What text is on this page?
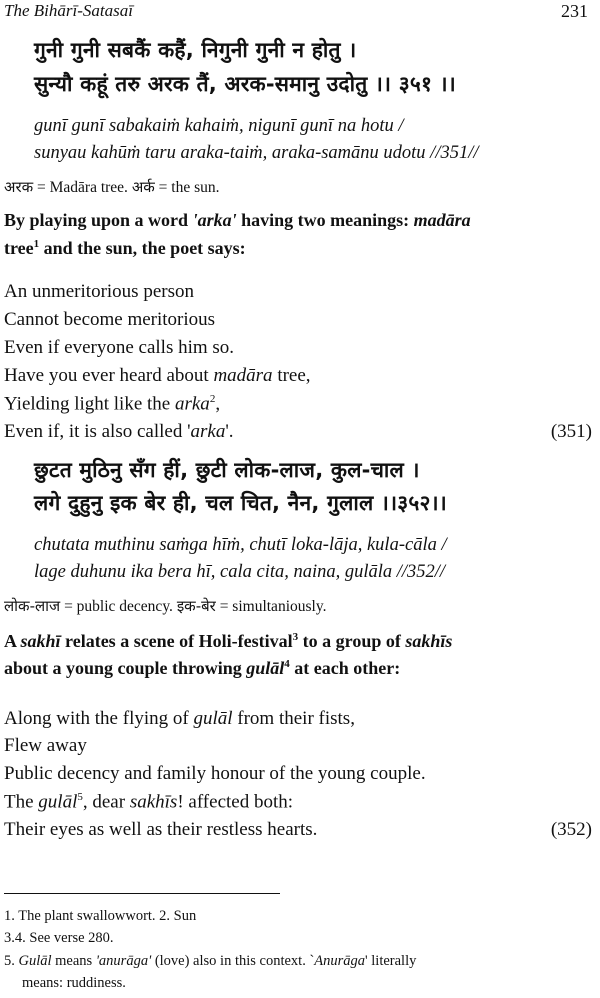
The Bihārī-Satasaī	231
गुनी गुनी सबकैं कहैं, निगुनी गुनी न होतु ।
सुन्यौ कहूं तरु अरक तैं, अरक-समानु उदोतु ।। ३५१ ।।
gunī gunī sabakaiṁ kahaiṁ, nigunī gunī na hotu /
sunyau kahūṁ taru araka-taiṁ, araka-samānu udotu //351//
अरक = Madāra tree. अर्क = the sun.
By playing upon a word 'arka' having two meanings: madāra
tree$^1$ and the sun, the poet says:
An unmeritorious person
Cannot become meritorious
Even if everyone calls him so.
Have you ever heard about madāra tree,
Yielding light like the arka$^2$,
Even if, it is also called 'arka'.	(351)
छुटत मुठिनु सँग हीं, छुटी लोक-लाज, कुल-चाल ।
लगे दुहुनु इक बेर ही, चल चित, नैन, गुलाल ।।३५२।।
chutata muthinu saṁga hīṁ, chutī loka-lāja, kula-cāla /
lage duhunu ika bera hī, cala cita, naina, gulāla //352//
लोक-लाज = public decency. इक-बेर = simultaniously.
A sakhī relates a scene of Holi-festival$^3$ to a group of sakhīs
about a young couple throwing gulāl$^4$ at each other:
Along with the flying of gulāl from their fists,
Flew away
Public decency and family honour of the young couple.
The gulāl$^5$, dear sakhīs! affected both:
Their eyes as well as their restless hearts.	(352)
1. The plant swallowwort. 2. Sun
3.4. See verse 280.
5. Gulāl means 'anurāga' (love) also in this context. `Anurāga' literally
means: ruddiness.
